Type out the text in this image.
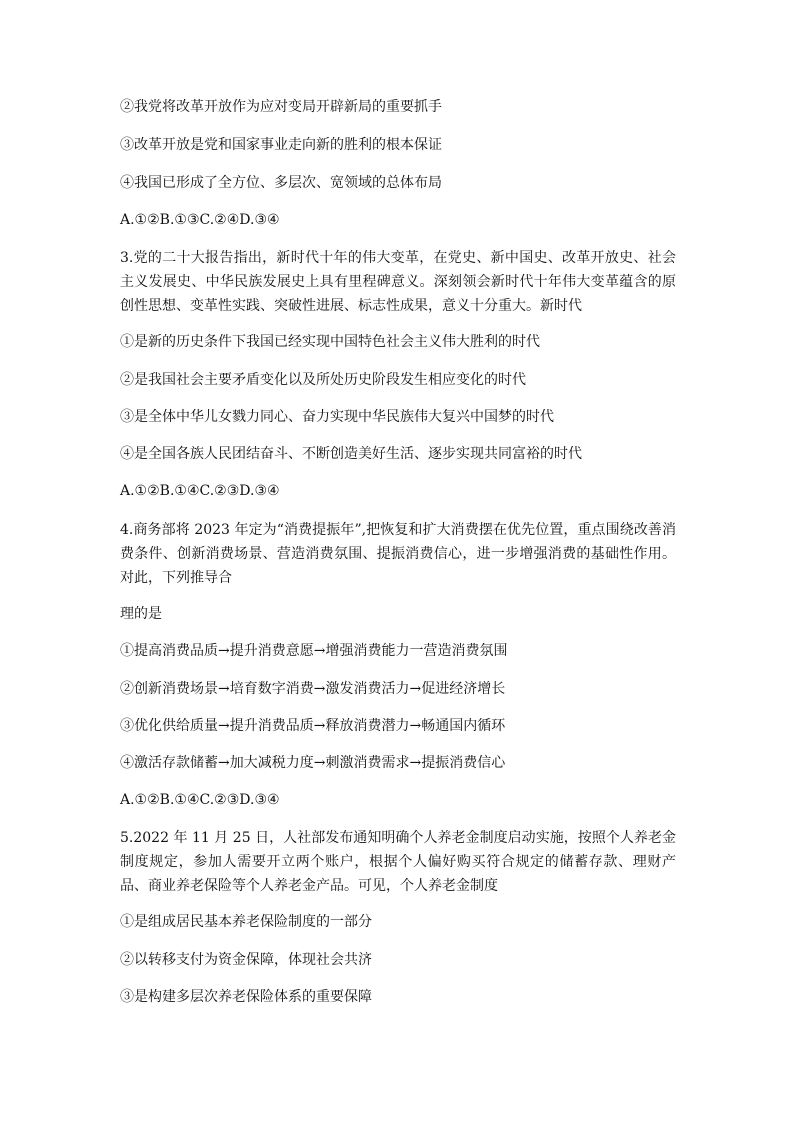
②我党将改革开放作为应对变局开辟新局的重要抓手
③改革开放是党和国家事业走向新的胜利的根本保证
④我国已形成了全方位、多层次、宽领域的总体布局
A.①②B.①③C.②④D.③④
3.党的二十大报告指出，新时代十年的伟大变革，在党史、新中国史、改革开放史、社会主义发展史、中华民族发展史上具有里程碑意义。深刻领会新时代十年伟大变革蕴含的原创性思想、变革性实践、突破性进展、标志性成果，意义十分重大。新时代
①是新的历史条件下我国已经实现中国特色社会主义伟大胜利的时代
②是我国社会主要矛盾变化以及所处历史阶段发生相应变化的时代
③是全体中华儿女戮力同心、奋力实现中华民族伟大复兴中国梦的时代
④是全国各族人民团结奋斗、不断创造美好生活、逐步实现共同富裕的时代
A.①②B.①④C.②③D.③④
4.商务部将 2023 年定为“消费提振年”,把恢复和扩大消费摆在优先位置，重点围绕改善消费条件、创新消费场景、营造消费氛围、提振消费信心，进一步增强消费的基础性作用。对此，下列推导合
理的是
①提高消费品质→提升消费意愿→增强消费能力一营造消费氛围
②创新消费场景→培育数字消费→激发消费活力→促进经济增长
③优化供给质量→提升消费品质→释放消费潜力→畅通国内循环
④激活存款储蓄→加大减税力度→刺激消费需求→提振消费信心
A.①②B.①④C.②③D.③④
5.2022 年 11 月 25 日，人社部发布通知明确个人养老金制度启动实施，按照个人养老金制度规定，参加人需要开立两个账户，根据个人偏好购买符合规定的储蓄存款、理财产品、商业养老保险等个人养老金产品。可见，个人养老金制度
①是组成居民基本养老保险制度的一部分
②以转移支付为资金保障，体现社会共济
③是构建多层次养老保险体系的重要保障
